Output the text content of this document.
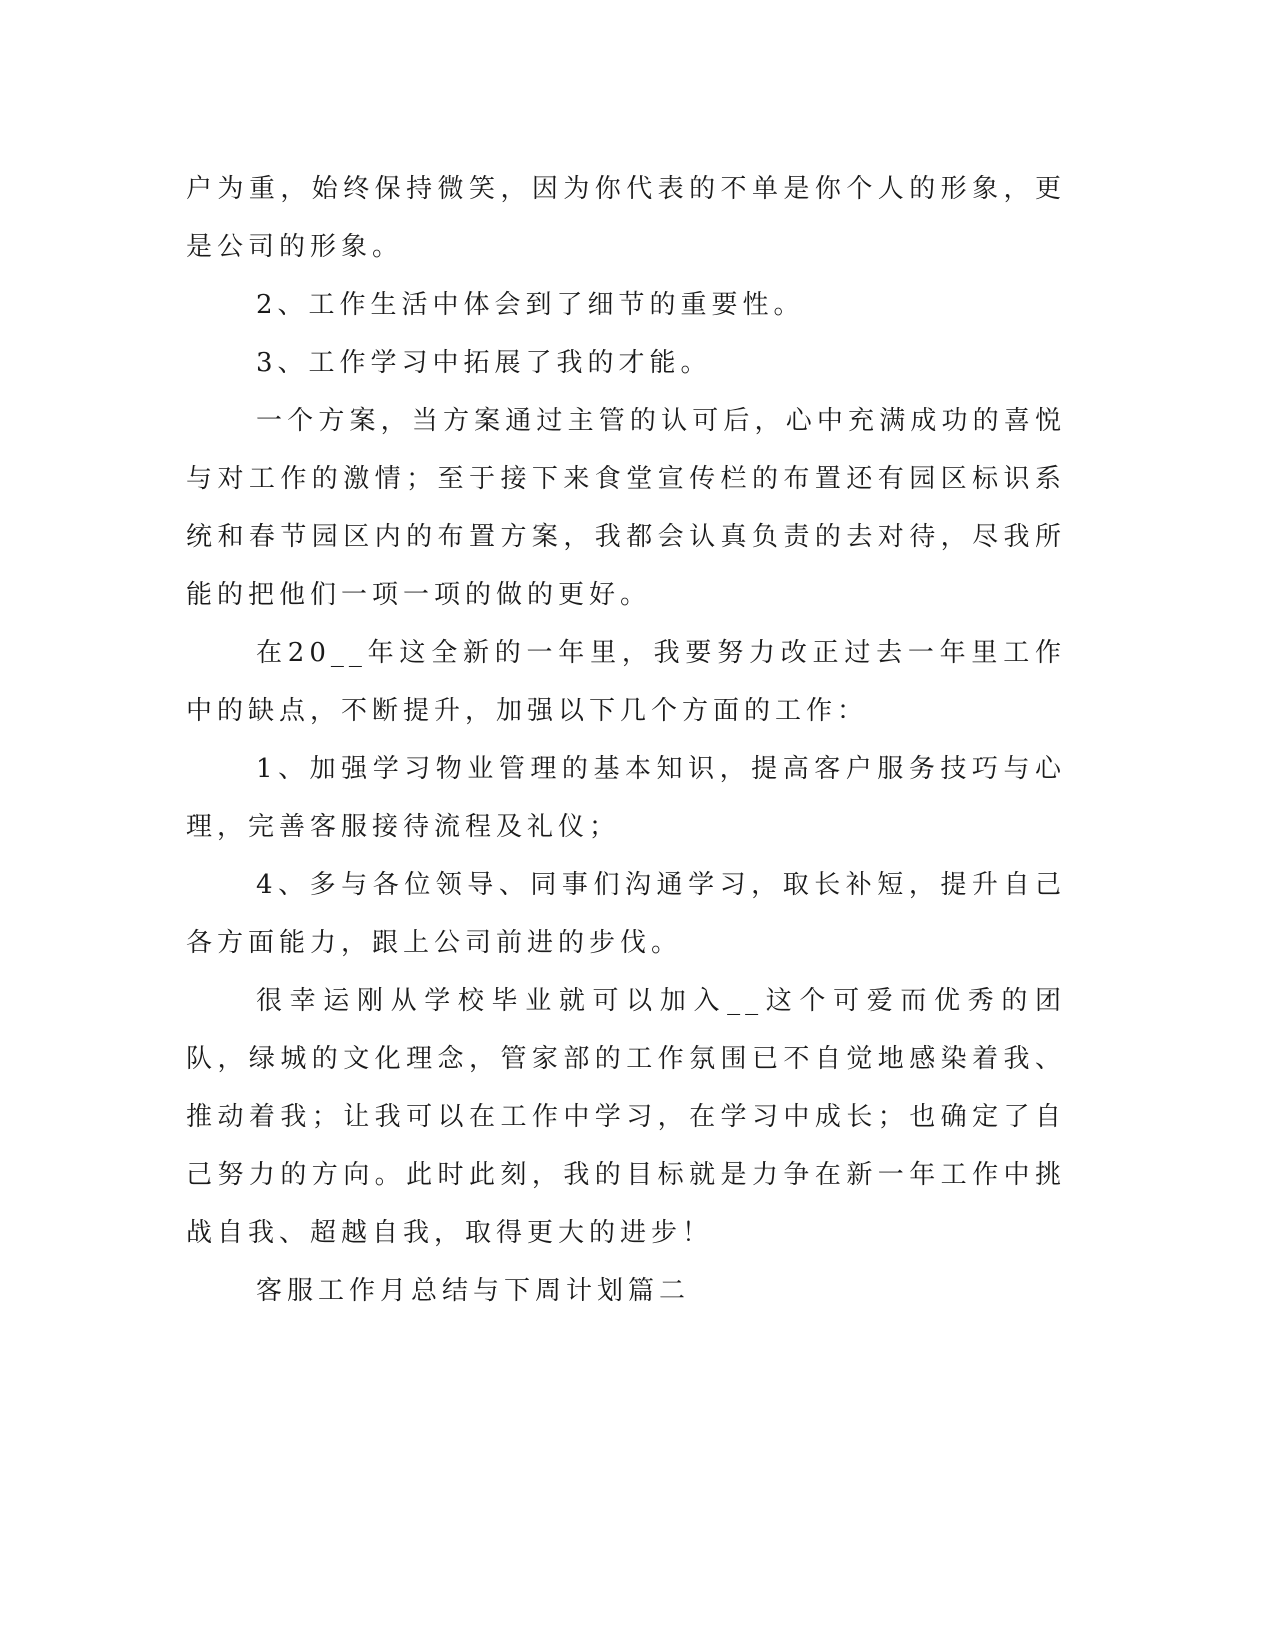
户为重，始终保持微笑，因为你代表的不单是你个人的形象，更是公司的形象。

2、工作生活中体会到了细节的重要性。

3、工作学习中拓展了我的才能。

一个方案，当方案通过主管的认可后，心中充满成功的喜悦与对工作的激情；至于接下来食堂宣传栏的布置还有园区标识系统和春节园区内的布置方案，我都会认真负责的去对待，尽我所能的把他们一项一项的做的更好。

在20__年这全新的一年里，我要努力改正过去一年里工作中的缺点，不断提升，加强以下几个方面的工作：

1、加强学习物业管理的基本知识，提高客户服务技巧与心理，完善客服接待流程及礼仪；

4、多与各位领导、同事们沟通学习，取长补短，提升自己各方面能力，跟上公司前进的步伐。

很幸运刚从学校毕业就可以加入__这个可爱而优秀的团队，绿城的文化理念，管家部的工作氛围已不自觉地感染着我、推动着我；让我可以在工作中学习，在学习中成长；也确定了自己努力的方向。此时此刻，我的目标就是力争在新一年工作中挑战自我、超越自我，取得更大的进步！

客服工作月总结与下周计划篇二
